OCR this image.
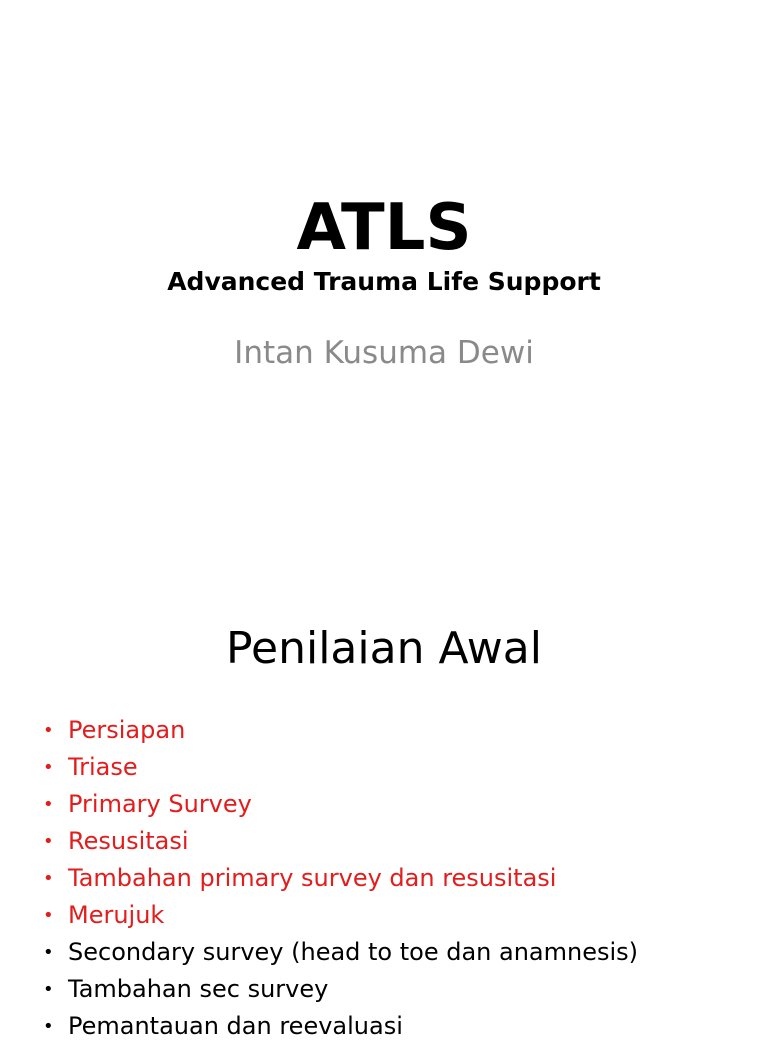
ATLS
Advanced Trauma Life Support
Intan Kusuma Dewi
Penilaian Awal
• Persiapan
• Triase
• Primary Survey
• Resusitasi
• Tambahan primary survey dan resusitasi
• Merujuk
• Secondary survey (head to toe dan anamnesis)
• Tambahan sec survey
• Pemantauan dan reevaluasi
